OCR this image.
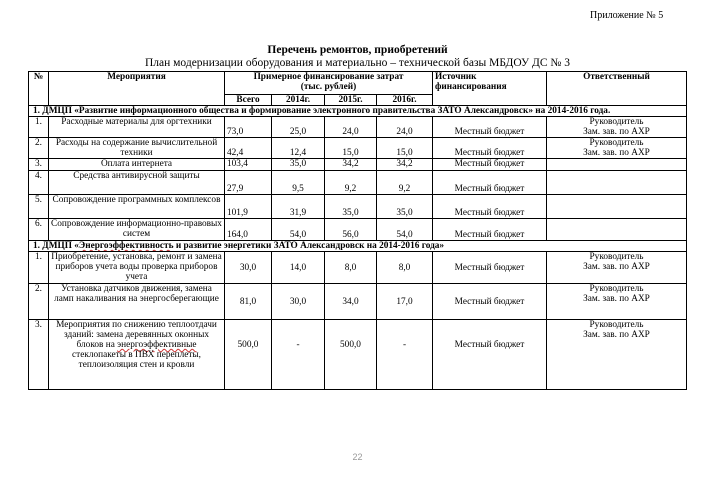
Приложение № 5
Перечень ремонтов, приобретений
План модернизации оборудования и материально – технической базы МБДОУ ДС № 3
№	Мероприятия	Примерное финансирование затрат
(тыс. рублей)				Источник финансирования	Ответственный
		Всего	2014г.	2015г.	2016г.		
1. ДМЦП «Развитие информационного общества и формирование электронного правительства ЗАТО Александровск» на 2014-2016 года.							
1.	Расходные материалы для оргтехники	73,0	25,0	24,0	24,0	Местный бюджет	Руководитель
Зам. зав. по АХР
2.	Расходы на содержание вычислительной техники	42,4	12,4	15,0	15,0	Местный бюджет	Руководитель
Зам. зав. по АХР
3.	Оплата интернета	103,4	35,0	34,2	34,2	Местный бюджет	
4.	Средства антивирусной защиты	27,9	9,5	9,2	9,2	Местный бюджет	
5.	Сопровождение программных комплексов	101,9	31,9	35,0	35,0	Местный бюджет	
6.	Сопровождение информационно-правовых систем	164,0	54,0	56,0	54,0	Местный бюджет	
1. ДМЦП «Энергоэффективность и развитие энергетики ЗАТО Александровск на 2014-2016 года»							
1.	Приобретение, установка, ремонт и замена приборов учета воды проверка приборов учета	30,0	14,0	8,0	8,0	Местный бюджет	Руководитель
Зам. зав. по АХР
2.	Установка датчиков движения, замена ламп накаливания на энергосберегающие	81,0	30,0	34,0	17,0	Местный бюджет	Руководитель
Зам. зав. по АХР
3.	Мероприятия по снижению теплоотдачи зданий: замена деревянных оконных блоков на энергоэффективные стеклопакеты в ПВХ переплеты, теплоизоляция стен и кровли	500,0	-	500,0	-	Местный бюджет	Руководитель
Зам. зав. по АХР
22
